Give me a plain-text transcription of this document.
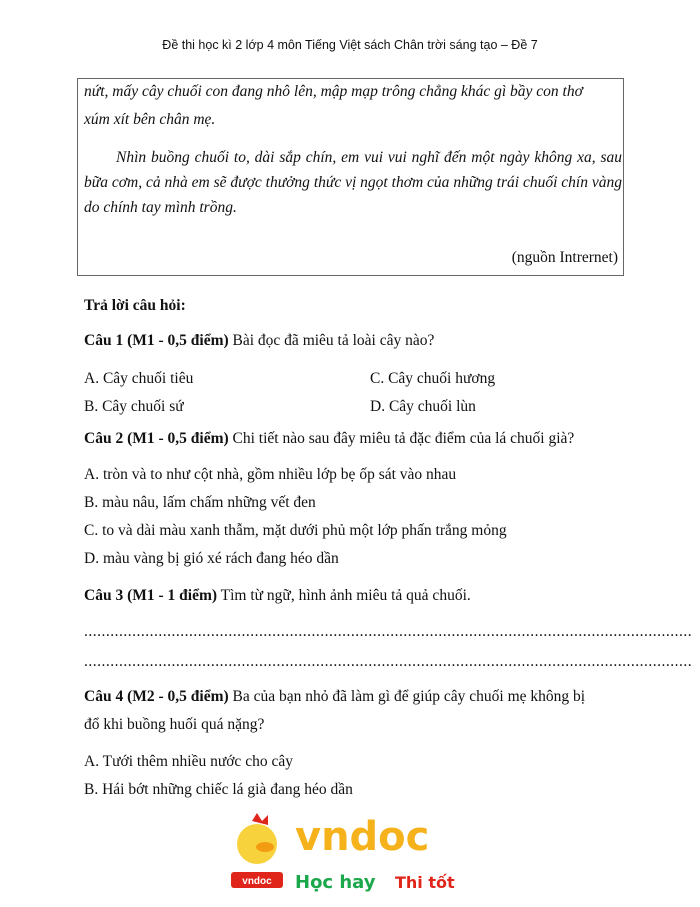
Đề thi học kì 2 lớp 4 môn Tiếng Việt sách Chân trời sáng tạo – Đề 7
nứt, mấy cây chuối con đang nhô lên, mập mạp trông chẳng khác gì bầy con thơ
xúm xít bên chân mẹ.
Nhìn buồng chuối to, dài sắp chín, em vui vui nghĩ đến một ngày không xa, sau bữa cơm, cả nhà em sẽ được thưởng thức vị ngọt thơm của những trái chuối chín vàng do chính tay mình trồng.
(nguồn Intrernet)
Trả lời câu hỏi:
Câu 1 (M1 - 0,5 điểm) Bài đọc đã miêu tả loài cây nào?
A. Cây chuối tiêu	C. Cây chuối hương
B. Cây chuối sứ	D. Cây chuối lùn
Câu 2 (M1 - 0,5 điểm) Chi tiết nào sau đây miêu tả đặc điểm của lá chuối già?
A. tròn và to như cột nhà, gồm nhiều lớp bẹ ốp sát vào nhau
B. màu nâu, lấm chấm những vết đen
C. to và dài màu xanh thẫm, mặt dưới phủ một lớp phấn trắng mỏng
D. màu vàng bị gió xé rách đang héo dần
Câu 3 (M1 - 1 điểm) Tìm từ ngữ, hình ảnh miêu tả quả chuối.
...........................................................................................................................................
...........................................................................................................................................
Câu 4 (M2 - 0,5 điểm) Ba của bạn nhỏ đã làm gì để giúp cây chuối mẹ không bị
đổ khi buồng huối quá nặng?
A. Tưới thêm nhiều nước cho cây
B. Hái bớt những chiếc lá già đang héo dần
vndoc
vndoc
Học hay Thi tốt
